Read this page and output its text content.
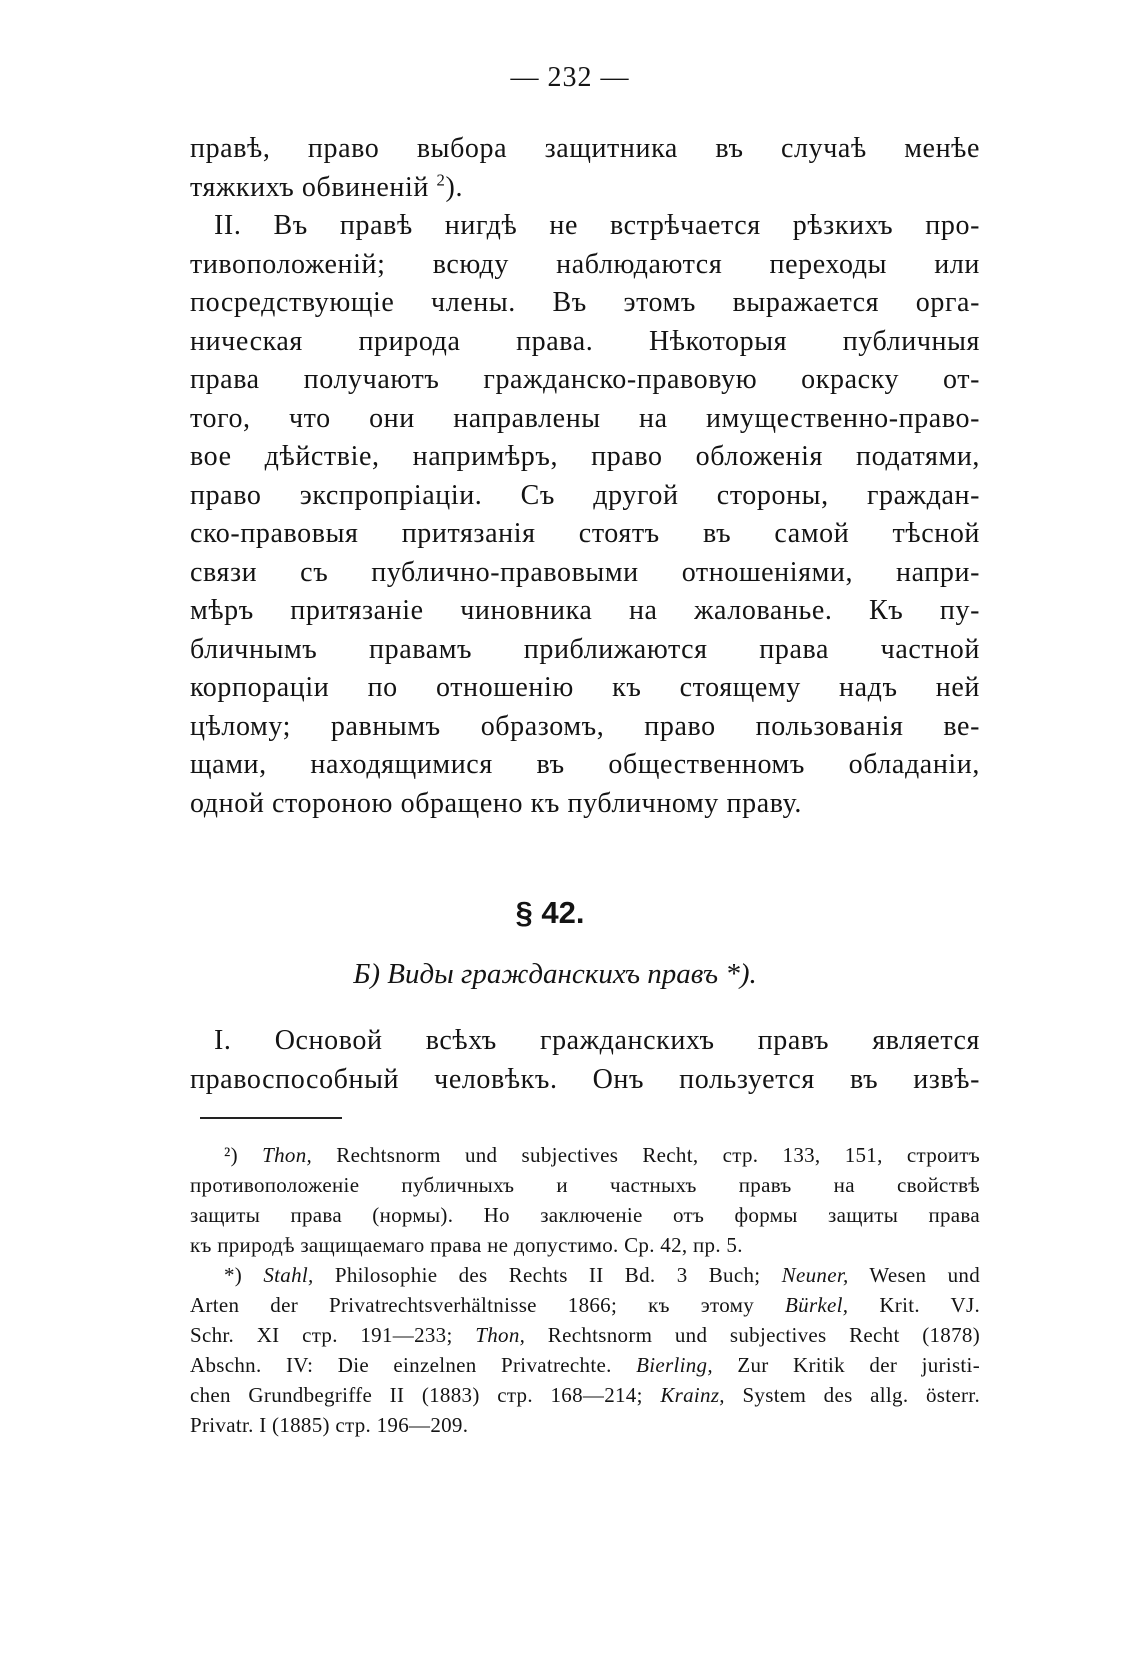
— 232 —
правѣ, право выбора защитника въ случаѣ менѣе
тяжкихъ обвиненій $^2$).
II. Въ правѣ нигдѣ не встрѣчается рѣзкихъ про-
тивоположеній; всюду наблюдаются переходы или
посредствующіе члены. Въ этомъ выражается орга-
ническая природа права. Нѣкоторыя публичныя
права получаютъ гражданско-правовую окраску от-
того, что они направлены на имущественно-право-
вое дѣйствіе, напримѣръ, право обложенія податями,
право экспропріаціи. Съ другой стороны, граждан-
ско-правовыя притязанія стоятъ въ самой тѣсной
связи съ публично-правовыми отношеніями, напри-
мѣръ притязаніе чиновника на жалованье. Къ пу-
бличнымъ правамъ приближаются права частной
корпораціи по отношенію къ стоящему надъ ней
цѣлому; равнымъ образомъ, право пользованія ве-
щами, находящимися въ общественномъ обладаніи,
одной стороною обращено къ публичному праву.
§ 42.
Б) Виды гражданскихъ правъ *).
I. Основой всѣхъ гражданскихъ правъ является
правоспособный человѣкъ. Онъ пользуется въ извѣ-
²) Thon, Rechtsnorm und subjectives Recht, стр. 133, 151, строитъ
противоположеніе публичныхъ и частныхъ правъ на свойствѣ
защиты права (нормы). Но заключеніе отъ формы защиты права
къ природѣ защищаемаго права не допустимо. Ср. 42, пр. 5.
*) Stahl, Philosophie des Rechts II Bd. 3 Buch; Neuner, Wesen und
Arten der Privatrechtsverhältnisse 1866; къ этому Bürkel, Krit. VJ.
Schr. XI стр. 191—233; Thon, Rechtsnorm und subjectives Recht (1878)
Abschn. IV: Die einzelnen Privatrechte. Bierling, Zur Kritik der juristi-
chen Grundbegriffe II (1883) стр. 168—214; Krainz, System des allg. österr.
Privatr. I (1885) стр. 196—209.
